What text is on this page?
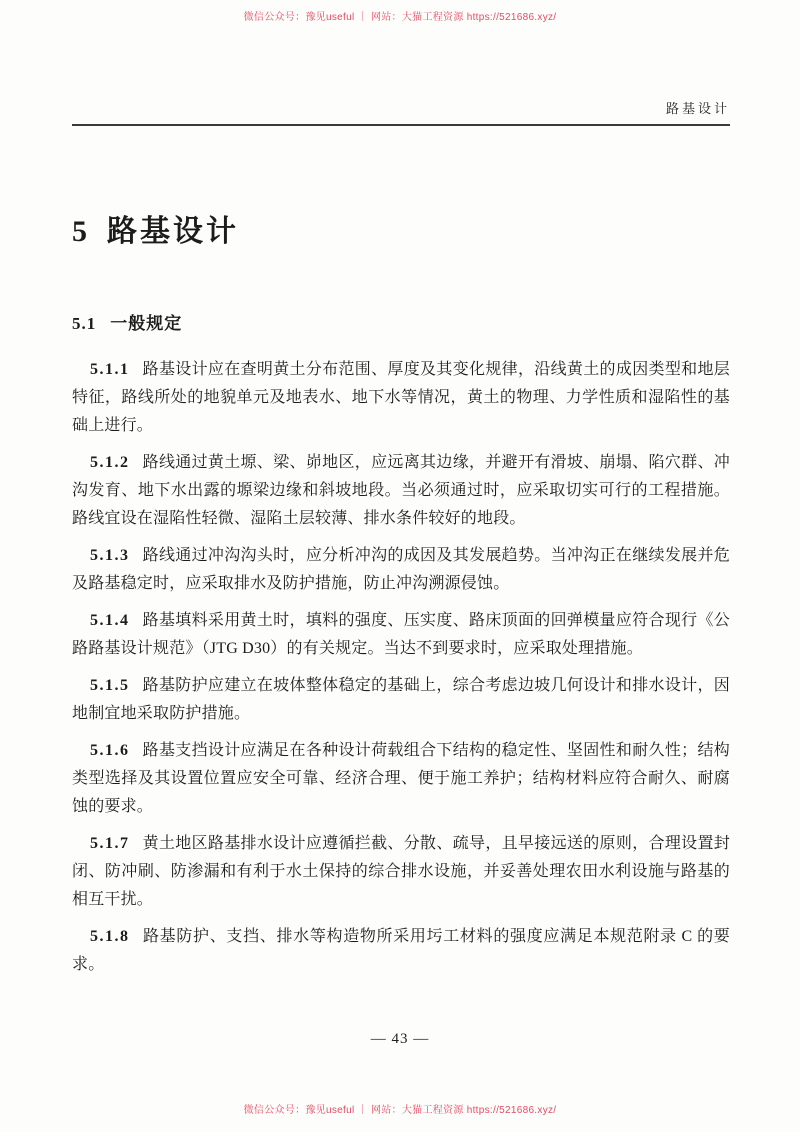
微信公众号：豫见useful ｜ 网站：大猫工程资源 https://521686.xyz/
路基设计
5 路基设计
5.1 一般规定

5.1.1 路基设计应在查明黄土分布范围、厚度及其变化规律，沿线黄土的成因类型和地层特征，路线所处的地貌单元及地表水、地下水等情况，黄土的物理、力学性质和湿陷性的基础上进行。

5.1.2 路线通过黄土塬、梁、峁地区，应远离其边缘，并避开有滑坡、崩塌、陷穴群、冲沟发育、地下水出露的塬梁边缘和斜坡地段。当必须通过时，应采取切实可行的工程措施。路线宜设在湿陷性轻微、湿陷土层较薄、排水条件较好的地段。

5.1.3 路线通过冲沟沟头时，应分析冲沟的成因及其发展趋势。当冲沟正在继续发展并危及路基稳定时，应采取排水及防护措施，防止冲沟溯源侵蚀。

5.1.4 路基填料采用黄土时，填料的强度、压实度、路床顶面的回弹模量应符合现行《公路路基设计规范》（JTG D30）的有关规定。当达不到要求时，应采取处理措施。

5.1.5 路基防护应建立在坡体整体稳定的基础上，综合考虑边坡几何设计和排水设计，因地制宜地采取防护措施。

5.1.6 路基支挡设计应满足在各种设计荷载组合下结构的稳定性、坚固性和耐久性；结构类型选择及其设置位置应安全可靠、经济合理、便于施工养护；结构材料应符合耐久、耐腐蚀的要求。

5.1.7 黄土地区路基排水设计应遵循拦截、分散、疏导，且早接远送的原则，合理设置封闭、防冲刷、防渗漏和有利于水土保持的综合排水设施，并妥善处理农田水利设施与路基的相互干扰。

5.1.8 路基防护、支挡、排水等构造物所采用圬工材料的强度应满足本规范附录 C 的要求。

— 43 —
微信公众号：豫见useful ｜ 网站：大猫工程资源 https://521686.xyz/
